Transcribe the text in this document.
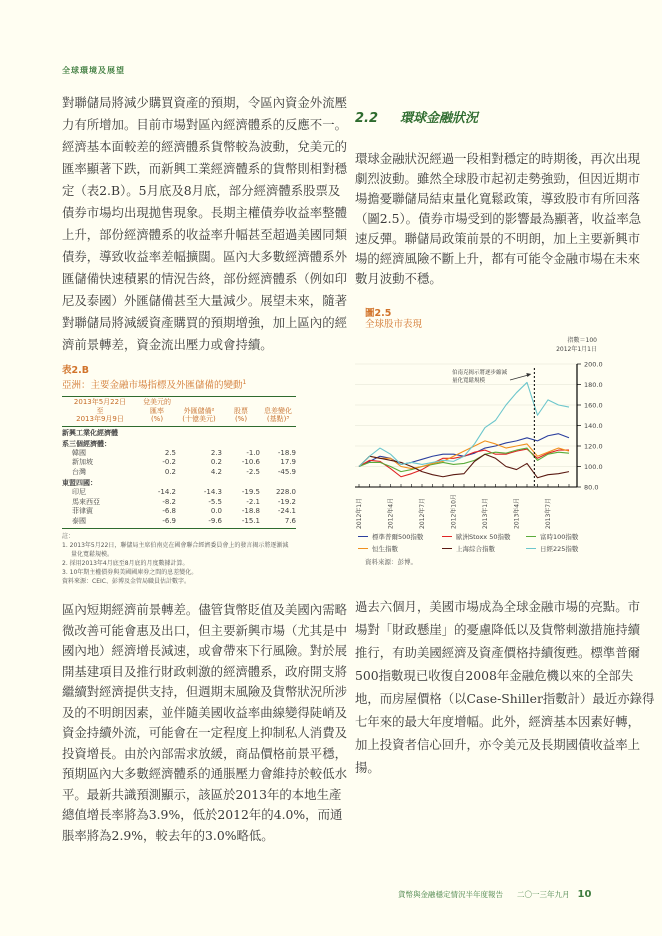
全球環境及展望
對聯儲局將減少購買資產的預期，令區內資金外流壓
力有所增加。目前市場對區內經濟體系的反應不一。
經濟基本面較差的經濟體系貨幣較為波動，兌美元的
匯率顯著下跌，而新興工業經濟體系的貨幣則相對穩
定（表2.B）。5月底及8月底，部分經濟體系股票及
債券市場均出現拋售現象。長期主權債券收益率整體
上升，部份經濟體系的收益率升幅甚至超過美國同類
債券，導致收益率差幅擴闊。區內大多數經濟體系外
匯儲備快速積累的情況告終，部份經濟體系（例如印
尼及泰國）外匯儲備甚至大量減少。展望未來，隨著
對聯儲局將減緩資產購買的預期增強，加上區內的經
濟前景轉差，資金流出壓力或會持續。
表2.B
亞洲：主要金融市場指標及外匯儲備的變動$^1$
2013年5月22日
至
2013年9月9日
兌美元的
匯率
(%)

外匯儲備²
(十億美元)

股票
(%)

息差變化
(基點)³
新興工業化經濟體
系三個經濟體：
韓國	2.5	2.3	-1.0	-18.9
新加坡	-0.2	0.2	-10.6	17.9
台灣	0.2	4.2	-2.5	-45.9
東盟四國：
印尼	-14.2	-14.3	-19.5	228.0
馬來西亞	-8.2	-5.5	-2.1	-19.2
菲律賓	-6.8	0.0	-18.8	-24.1
泰國	-6.9	-9.6	-15.1	7.6
註：
1. 2013年5月22日，聯儲局主席伯南克在國會聯合經濟委員會上的發言揭示將逐漸減
量化寬鬆規模。
2. 採用2013年4月底至8月底的月度數據計算。
3. 10年期主權債券與美國國庫券之間的息差變化。
資料來源：CEIC、彭博及金管局職員估計數字。
區內短期經濟前景轉差。儘管貨幣貶值及美國內需略
微改善可能會惠及出口，但主要新興市場（尤其是中
國內地）經濟增長減速，或會帶來下行風險。對於展
開基建項目及推行財政刺激的經濟體系，政府開支將
繼續對經濟提供支持，但週期末風險及貨幣狀況所涉
及的不明朗因素，並伴隨美國收益率曲線變得陡峭及
資金持續外流，可能會在一定程度上抑制私人消費及
投資增長。由於內部需求放緩，商品價格前景平穩，
預期區內大多數經濟體系的通脹壓力會維持於較低水
平。最新共識預測顯示，該區於2013年的本地生產
總值增長率將為3.9%，低於2012年的4.0%，而通
脹率將為2.9%，較去年的3.0%略低。
2.2 環球金融狀況
環球金融狀況經過一段相對穩定的時期後，再次出現
劇烈波動。雖然全球股市起初走勢強勁，但因近期市
場擔憂聯儲局結束量化寬鬆政策，導致股市有所回落
（圖2.5）。債券市場受到的影響最為顯著，收益率急
速反彈。聯儲局政策前景的不明朗，加上主要新興市
場的經濟風險不斷上升，都有可能令金融市場在未來
數月波動不穩。
圖2.5
全球股市表現
80.0
100.0
120.0
140.0
160.0
180.0
200.0
2012年1月	2012年4月	2012年7月	2012年10月	2013年1月	2013年4月	2013年7月
指數＝100
2012年1月1日
伯南克揭示將逐步縮減
量化寬鬆規模
標準普爾500指數	歐洲Stoxx 50指數	富時100指數
恒生指數	上海綜合指數	日經225指數
資料來源：彭博。
過去六個月，美國市場成為全球金融市場的亮點。市
場對「財政懸崖」的憂慮降低以及貨幣刺激措施持續
推行，有助美國經濟及資產價格持續復甦。標準普爾
500指數現已收復自2008年金融危機以來的全部失
地，而房屋價格（以Case-Shiller指數計）最近亦錄得
七年來的最大年度增幅。此外，經濟基本因素好轉，
加上投資者信心回升，亦令美元及長期國債收益率上
揚。
貨幣與金融穩定情況半年度報告 二〇一三年九月 10
